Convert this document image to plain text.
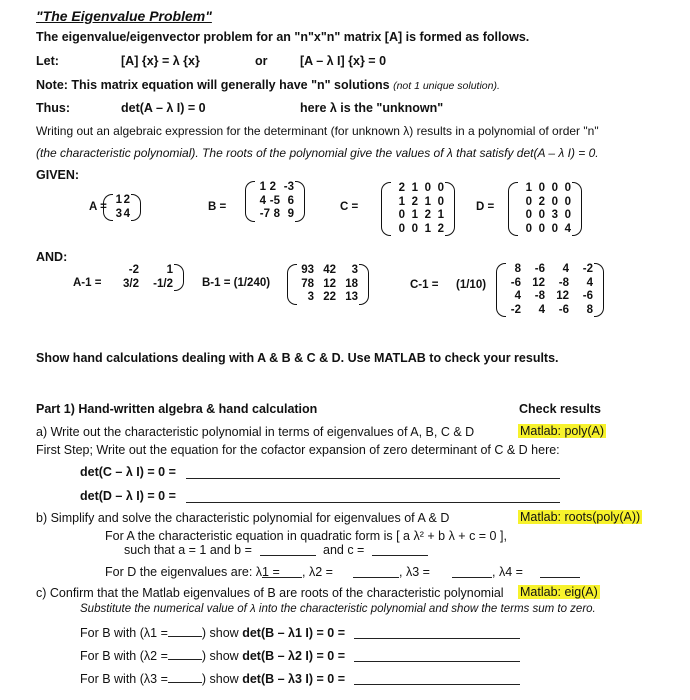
"The Eigenvalue Problem"
The eigenvalue/eigenvector problem for an "n"x"n" matrix [A] is formed as follows.
Let:	[A] {x} = λ {x}	or	[A – λ I] {x} = 0
Note: This matrix equation will generally have "n" solutions (not 1 unique solution).
Thus:	det(A – λ I) = 0	here λ is the "unknown"
Writing out an algebraic expression for the determinant (for unknown λ) results in a polynomial of order "n"
(the characteristic polynomial). The roots of the polynomial give the values of λ that satisfy det(A – λ I) = 0.
GIVEN:
A =
1 2
3 4
B =
1 2 -3
4 -5 6
-7 8 9
C =
2 1 0 0
1 2 1 0
0 1 2 1
0 0 1 2
D =
1 0 0 0
0 2 0 0
0 0 3 0
0 0 0 4
AND:
A-1 =
-2	1
3/2	-1/2	B-1 = (1/240)
93 42	3
78 12 18
3 22 13
C-1 = (1/10)
8	-6	4	-2
-6 12	-8	4
4	-8 12	-6
-2	4	-6	8
Show hand calculations dealing with A & B & C & D. Use MATLAB to check your results.
Part 1) Hand-written algebra & hand calculation	Check results
a) Write out the characteristic polynomial in terms of eigenvalues of A, B, C & D	Matlab: poly(A)
First Step; Write out the equation for the cofactor expansion of zero determinant of C & D here:
det(C – λ I) = 0 =
det(D – λ I) = 0 =
b) Simplify and solve the characteristic polynomial for eigenvalues of A & D	Matlab: roots(poly(A))
For A the characteristic equation in quadratic form is [ a λ² + b λ + c = 0 ],
such that a = 1 and b =	and c =
For D the eigenvalues are: λ1 = , λ2 =	, λ3 =	, λ4 =
c) Confirm that the Matlab eigenvalues of B are roots of the characteristic polynomial Matlab: eig(A)
Substitute the numerical value of λ into the characteristic polynomial and show the terms sum to zero.
For B with (λ1 =	) show det(B – λ1 I) = 0 =
For B with (λ2 =	) show det(B – λ2 I) = 0 =
For B with (λ3 =	) show det(B – λ3 I) = 0 =
